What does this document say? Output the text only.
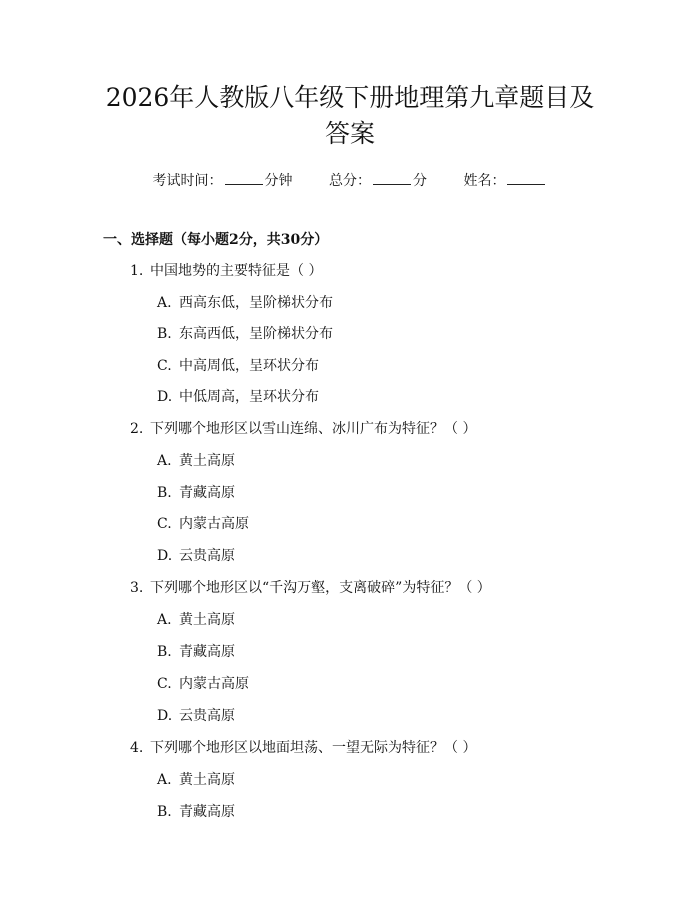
2026年人教版八年级下册地理第九章题目及
答案
考试时间：	分钟	总分：	分	姓名：
一、选择题（每小题2分，共30分）
1. 中国地势的主要特征是（ ）
A. 西高东低，呈阶梯状分布
B. 东高西低，呈阶梯状分布
C. 中高周低，呈环状分布
D. 中低周高，呈环状分布
2. 下列哪个地形区以雪山连绵、冰川广布为特征？（ ）
A. 黄土高原
B. 青藏高原
C. 内蒙古高原
D. 云贵高原
3. 下列哪个地形区以“千沟万壑，支离破碎”为特征？（ ）
A. 黄土高原
B. 青藏高原
C. 内蒙古高原
D. 云贵高原
4. 下列哪个地形区以地面坦荡、一望无际为特征？（ ）
A. 黄土高原
B. 青藏高原
